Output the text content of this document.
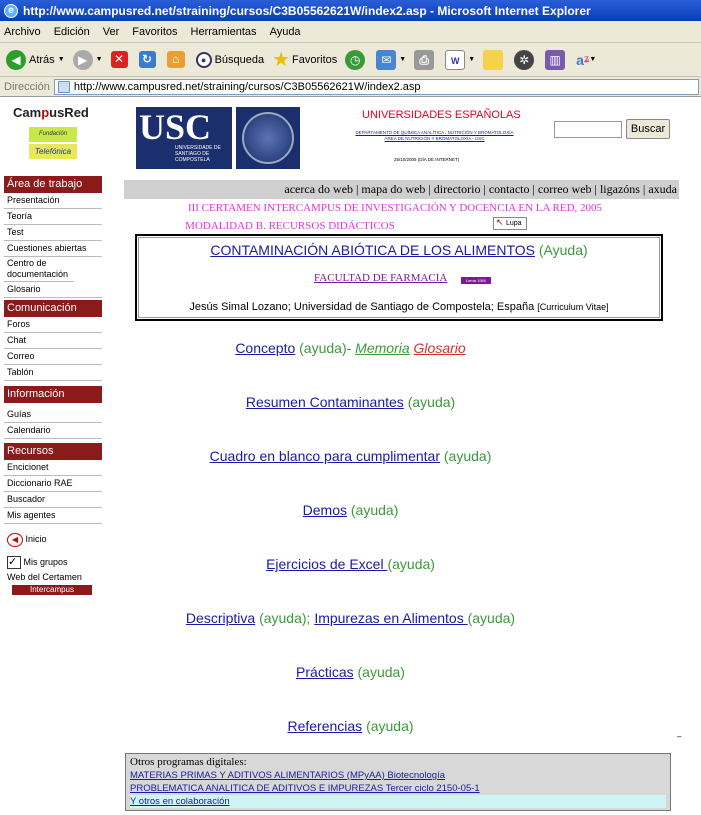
e http://www.campusred.net/straining/cursos/C3B05562621W/index2.asp - Microsoft Internet Explorer
Archivo Edición Ver Favoritos Herramientas Ayuda
◀ Atrás ▼	▶	▼ ✕ ↻	⌂	● Búsqueda ★ Favoritos	◷	✉	▼	⎙	W	▼	✲	▥	a ʑ ▼
Dirección http://www.campusred.net/straining/cursos/C3B05562621W/index2.asp
CampusRed
Fundación
Telefónica
USC
UNIVERSIDADE DE SANTIAGO DE COMPOSTELA
UNIVERSIDADES ESPAÑOLAS
DEPARTAMENTO DE QUÍMICA ANALÍTICA , NUTRICIÓN Y BROMATOLOXÍA
ÁREA DE NUTRICIÓN Y BROMATOLOXÍA - USC
25/10/2005 (DÍA DE INTERNET)
Buscar
acerca do web | mapa do web | directorio | contacto | correo web | ligazóns | axuda
III CERTAMEN INTERCAMPUS DE INVESTIGACIÓN Y DOCENCIA EN LA RED, 2005
MODALIDAD B. RECURSOS DIDÁCTICOS	↖ Lupa
CONTAMINACIÓN ABIÓTICA DE LOS ALIMENTOS (Ayuda)
FACULTAD DE FARMACIA	Lema 1950
Jesús Simal Lozano; Universidad de Santiago de Compostela; España [Curriculum Vitae]
Concepto (ayuda)- Memoria Glosario
Resumen Contaminantes (ayuda)
Cuadro en blanco para cumplimentar (ayuda)
Demos (ayuda)
Ejercicios de Excel (ayuda)
Descriptiva (ayuda); Impurezas en Alimentos (ayuda)
Prácticas (ayuda)
Referencias (ayuda)
–
Área de trabajo
Presentación
Teoría
Test
Cuestiones abiertas
Centro de documentación
Glosario
Comunicación
Foros
Chat
Correo
Tablón
Información
Guías
Calendario
Recursos
Encicionet
Diccionario RAE
Buscador
Mis agentes
◀ Inicio
✓ Mis grupos
Web del Certamen
Intercampus
Otros programas digitales:
MATERIAS PRIMAS Y ADITIVOS ALIMENTARIOS (MPyAA) Biotecnología
PROBLEMATICA ANALITICA DE ADITIVOS E IMPUREZAS Tercer ciclo 2150-05-1
Y otros en colaboración
